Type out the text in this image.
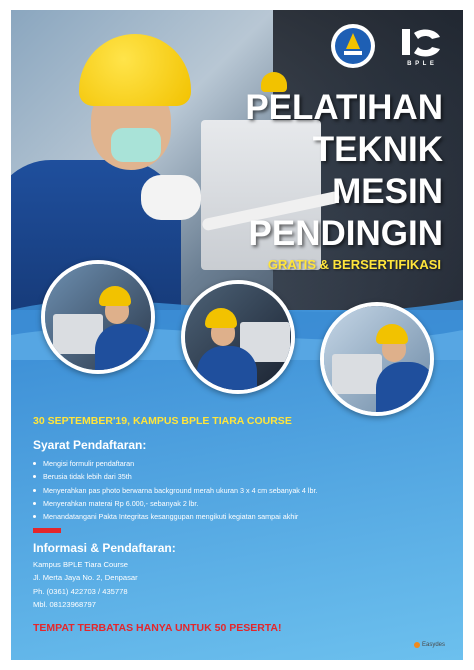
B P L E
PELATIHAN
TEKNIK
MESIN
PENDINGIN
GRATIS & BERSERTIFIKASI
30 SEPTEMBER'19, KAMPUS BPLE TIARA COURSE
Syarat Pendaftaran:
Mengisi formulir pendaftaran
Berusia tidak lebih dari 35th
Menyerahkan pas photo berwarna background merah ukuran 3 x 4 cm sebanyak 4 lbr.
Menyerahkan materai Rp 6.000,- sebanyak 2 lbr.
Menandatangani Pakta Integritas kesanggupan mengikuti kegiatan sampai akhir
Informasi & Pendaftaran:
Kampus BPLE Tiara Course
Jl. Merta Jaya No. 2, Denpasar
Ph. (0361) 422703 / 435778
Mbl. 08123968797
TEMPAT TERBATAS HANYA UNTUK 50 PESERTA!
Easydes
